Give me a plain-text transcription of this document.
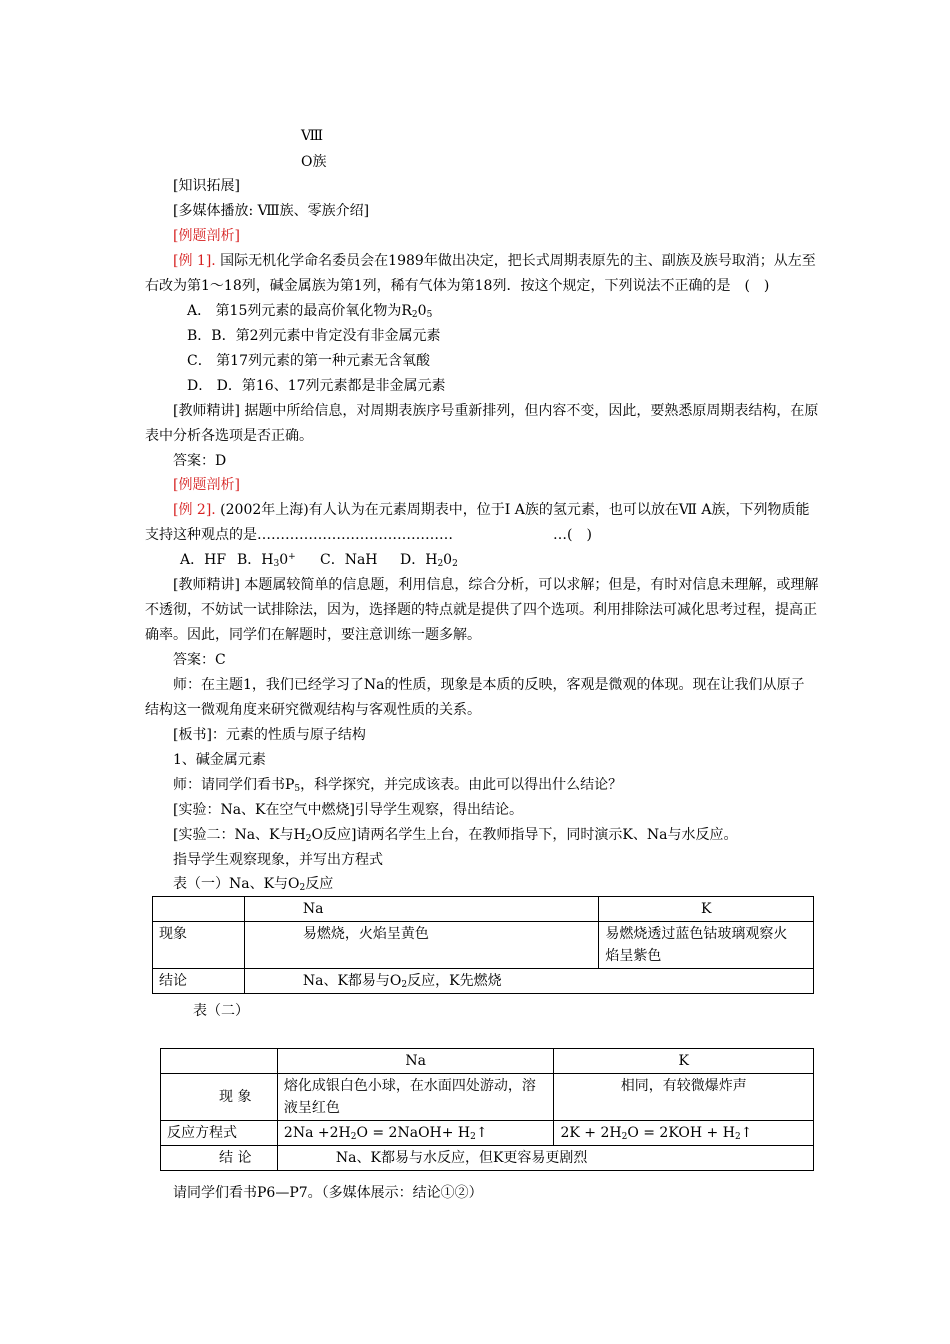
Ⅷ
O族
[知识拓展]
[多媒体播放: Ⅷ族、零族介绍]
[例题剖析]
[例 1]. 国际无机化学命名委员会在1989年做出决定，把长式周期表原先的主、副族及族号取消；从左至
右改为第1～18列，碱金属族为第1列，稀有气体为第18列．按这个规定，下列说法不正确的是　(　)
A． 第15列元素的最高价氧化物为$R_20_5$
B．B．第2列元素中肯定没有非金属元素
C． 第17列元素的第一种元素无含氧酸
D． D．第16、17列元素都是非金属元素
[教师精讲] 据题中所给信息，对周期表族序号重新排列，但内容不变，因此，要熟悉原周期表结构，在原
表中分析各选项是否正确。
答案：D
[例题剖析]
[例 2]. (2002年上海)有人认为在元素周期表中，位于I A族的氢元素，也可以放在Ⅶ A族，下列物质能
支持这种观点的是……………………………………	…(　)
A．HF B．$H_30^+$ C．NaH D．$H_20_2$
[教师精讲] 本题属较简单的信息题，利用信息，综合分析，可以求解；但是，有时对信息未理解，或理解
不透彻，不妨试一试排除法，因为，选择题的特点就是提供了四个选项。利用排除法可减化思考过程，提高正
确率。因此，同学们在解题时，要注意训练一题多解。
答案：C
师：在主题1，我们已经学习了Na的性质，现象是本质的反映，客观是微观的体现。现在让我们从原子
结构这一微观角度来研究微观结构与客观性质的关系。
[板书]：元素的性质与原子结构
1、碱金属元素
师：请同学们看书$P_5$，科学探究，并完成该表。由此可以得出什么结论？
[实验：Na、K在空气中燃烧]引导学生观察，得出结论。
[实验二：Na、K与$H_2O$反应]请两名学生上台，在教师指导下，同时演示K、Na与水反应。
指导学生观察现象，并写出方程式
表（一）Na、K与$O_2$反应
	Na	K
现象	易燃烧，火焰呈黄色	易燃烧透过蓝色钴玻璃观察火
焰呈紫色

结论	Na、K都易与$O_2$反应，K先燃烧	
表（二）
	Na	K
现 象	熔化成银白色小球，在水面四处游动，溶
液呈红色	相同，有较微爆炸声
反应方程式	$2Na +2H_2O$ = 2NaOH+ $H_2↑$	$2K + 2H_2O = 2KOH$ + $H_2↑$
结 论	Na、K都易与水反应，但K更容易更剧烈	
请同学们看书P6—P7。（多媒体展示：结论①②）
